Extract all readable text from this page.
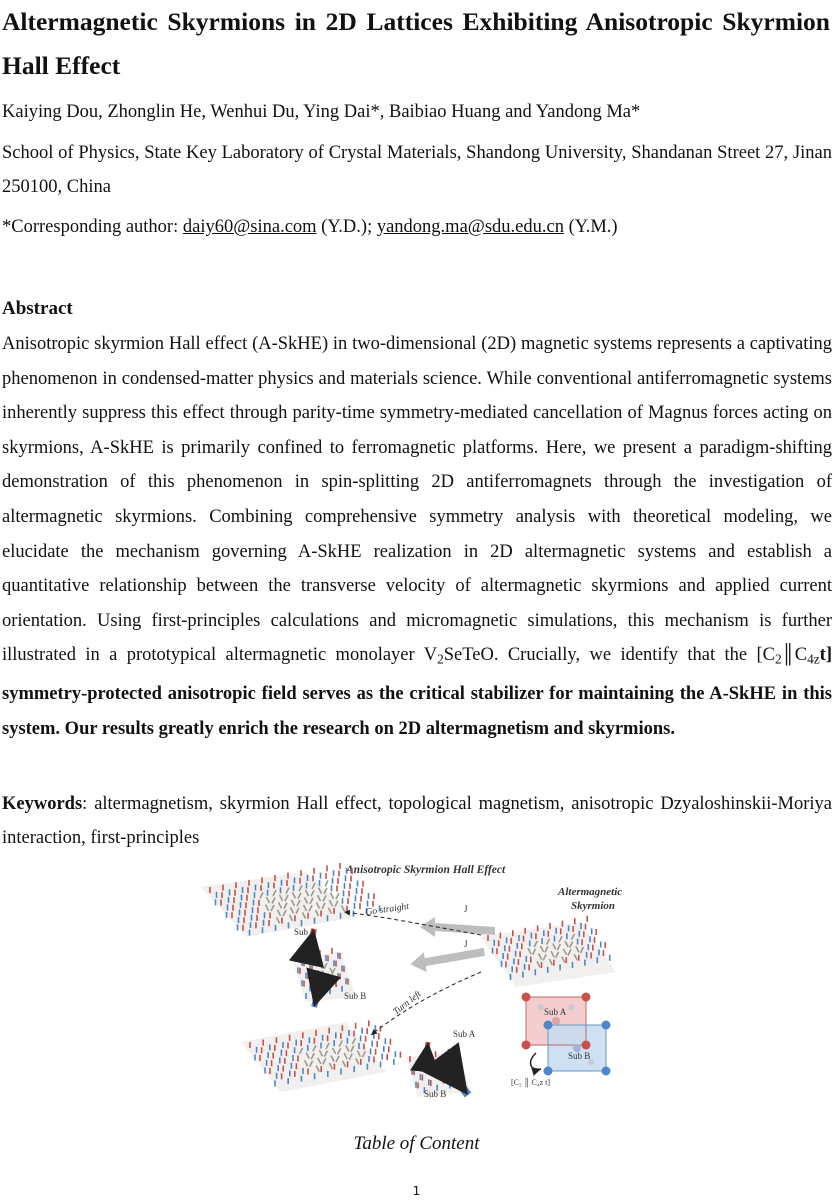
Altermagnetic Skyrmions in 2D Lattices Exhibiting Anisotropic Skyrmion Hall Effect
Kaiying Dou, Zhonglin He, Wenhui Du, Ying Dai*, Baibiao Huang and Yandong Ma*
School of Physics, State Key Laboratory of Crystal Materials, Shandong University, Shandanan Street 27, Jinan 250100, China
*Corresponding author: daiy60@sina.com (Y.D.); yandong.ma@sdu.edu.cn (Y.M.)
Abstract
Anisotropic skyrmion Hall effect (A-SkHE) in two-dimensional (2D) magnetic systems represents a captivating phenomenon in condensed-matter physics and materials science. While conventional antiferromagnetic systems inherently suppress this effect through parity-time symmetry-mediated cancellation of Magnus forces acting on skyrmions, A-SkHE is primarily confined to ferromagnetic platforms. Here, we present a paradigm-shifting demonstration of this phenomenon in spin-splitting 2D antiferromagnets through the investigation of altermagnetic skyrmions. Combining comprehensive symmetry analysis with theoretical modeling, we elucidate the mechanism governing A-SkHE realization in 2D altermagnetic systems and establish a quantitative relationship between the transverse velocity of altermagnetic skyrmions and applied current orientation. Using first-principles calculations and micromagnetic simulations, this mechanism is further illustrated in a prototypical altermagnetic monolayer $V_2SeTeO$. Crucially, we identify that the $[C_2║C_{4z}t]$ symmetry-protected anisotropic field serves as the critical stabilizer for maintaining the A-SkHE in this system. Our results greatly enrich the research on 2D altermagnetism and skyrmions.
Keywords: altermagnetism, skyrmion Hall effect, topological magnetism, anisotropic Dzyaloshinskii-Moriya interaction, first-principles
Anisotropic Skyrmion Hall Effect
Altermagnetic
Skyrmion
J
J
Go straight
Turn left
Sub A
Sub B
Sub A
Sub B
Sub A
Sub B
[C₂ ║ C₄z t]
Table of Content
1
